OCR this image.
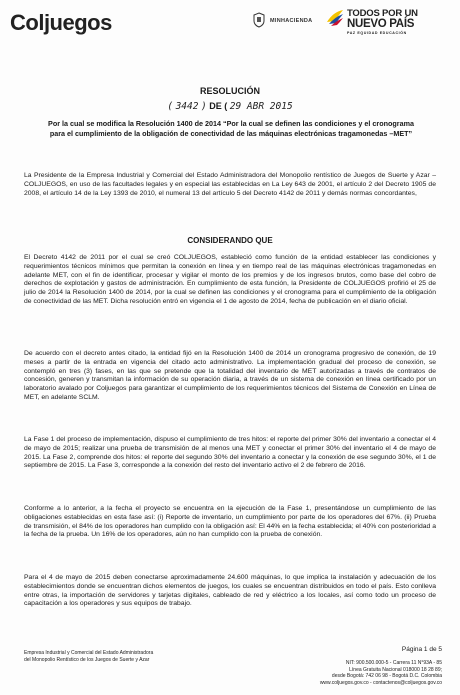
Coljuegos	MINHACIENDA
TODOS POR UN
NUEVO PAÍS
PAZ EQUIDAD EDUCACIÓN
RESOLUCIÓN
( 3442 ) DE ( 29 ABR 2015
Por la cual se modifica la Resolución 1400 de 2014 “Por la cual se definen las condiciones y el cronograma para el cumplimiento de la obligación de conectividad de las máquinas electrónicas tragamonedas –MET”
La Presidente de la Empresa Industrial y Comercial del Estado Administradora del Monopolio rentístico de Juegos de Suerte y Azar – COLJUEGOS, en uso de las facultades legales y en especial las establecidas en La Ley 643 de 2001, el artículo 2 del Decreto 1905 de 2008, el artículo 14 de la Ley 1393 de 2010, el numeral 13 del artículo 5 del Decreto 4142 de 2011 y demás normas concordantes,
CONSIDERANDO QUE
El Decreto 4142 de 2011 por el cual se creó COLJUEGOS, estableció como función de la entidad establecer las condiciones y requerimientos técnicos mínimos que permitan la conexión en línea y en tiempo real de las máquinas electrónicas tragamonedas en adelante MET, con el fin de identificar, procesar y vigilar el monto de los premios y de los ingresos brutos, como base del cobro de derechos de explotación y gastos de administración. En cumplimiento de esta función, la Presidente de COLJUEGOS profirió el 25 de julio de 2014 la Resolución 1400 de 2014, por la cual se definen las condiciones y el cronograma para el cumplimiento de la obligación de conectividad de las MET. Dicha resolución entró en vigencia el 1 de agosto de 2014, fecha de publicación en el diario oficial.
De acuerdo con el decreto antes citado, la entidad fijó en la Resolución 1400 de 2014 un cronograma progresivo de conexión, de 19 meses a partir de la entrada en vigencia del citado acto administrativo. La implementación gradual del proceso de conexión, se contempló en tres (3) fases, en las que se pretende que la totalidad del inventario de MET autorizadas a través de contratos de concesión, generen y transmitan la información de su operación diaria, a través de un sistema de conexión en línea certificado por un laboratorio avalado por Coljuegos para garantizar el cumplimiento de los requerimientos técnicos del Sistema de Conexión en Línea de MET, en adelante SCLM.
La Fase 1 del proceso de implementación, dispuso el cumplimiento de tres hitos: el reporte del primer 30% del inventario a conectar el 4 de mayo de 2015; realizar una prueba de transmisión de al menos una MET y conectar el primer 30% del inventario el 4 de mayo de 2015. La Fase 2, comprende dos hitos: el reporte del segundo 30% del inventario a conectar y la conexión de ese segundo 30%, el 1 de septiembre de 2015. La Fase 3, corresponde a la conexión del resto del inventario activo el 2 de febrero de 2016.
Conforme a lo anterior, a la fecha el proyecto se encuentra en la ejecución de la Fase 1, presentándose un cumplimiento de las obligaciones establecidas en esta fase así: (i) Reporte de inventario, un cumplimiento por parte de los operadores del 67%. (ii) Prueba de transmisión, el 84% de los operadores han cumplido con la obligación así: El 44% en la fecha establecida; el 40% con posterioridad a la fecha de la prueba. Un 16% de los operadores, aún no han cumplido con la prueba de conexión.
Para el 4 de mayo de 2015 deben conectarse aproximadamente 24.600 máquinas, lo que implica la instalación y adecuación de los establecimientos donde se encuentran dichos elementos de juegos, los cuales se encuentran distribuidos en todo el país. Esto conlleva entre otras, la importación de servidores y tarjetas digitales, cableado de red y eléctrico a los locales, así como todo un proceso de capacitación a los operadores y sus equipos de trabajo.
Página 1 de 5
Empresa Industrial y Comercial del Estado Administradora
del Monopolio Rentístico de los Juegos de Suerte y Azar	NIT: 900.500.000-5 - Carrera 11 N°93A - 85
Línea Gratuita Nacional 018000 18 28 89;
desde Bogotá: 742 06 98 - Bogotá D.C. Colombia
www.coljuegos.gov.co - contactenos@coljuegos.gov.co
